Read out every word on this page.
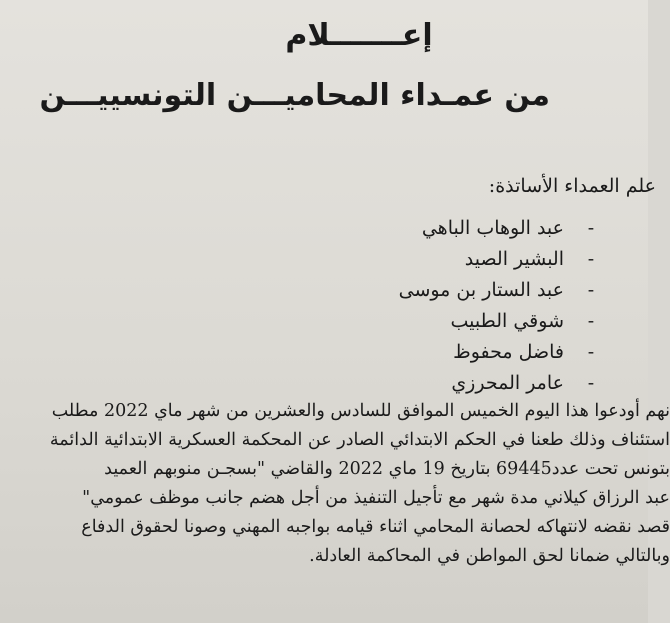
إعـــــــلام
من عمـداء المحاميـــن التونسييـــن
علم العمداء الأساتذة:
-عبد الوهاب الباهي
-البشير الصيد
-عبد الستار بن موسى
-شوقي الطبيب
-فاضل محفوظ
-عامر المحرزي
نهم أودعوا هذا اليوم الخميس الموافق للسادس والعشرين من شهر ماي 2022 مطلب
استئناف وذلك طعنا في الحكم الابتدائي الصادر عن المحكمة العسكرية الابتدائية الدائمة
بتونس تحت عدد69445 بتاريخ 19 ماي 2022 والقاضي "بسجـن منوبهم العميد
عبد الرزاق كيلاني مدة شهر مع تأجيل التنفيذ من أجل هضم جانب موظف عمومي"
قصد نقضه لانتهاكه لحصانة المحامي اثناء قيامه بواجبه المهني وصونا لحقوق الدفاع
وبالتالي ضمانا لحق المواطن في المحاكمة العادلة.
